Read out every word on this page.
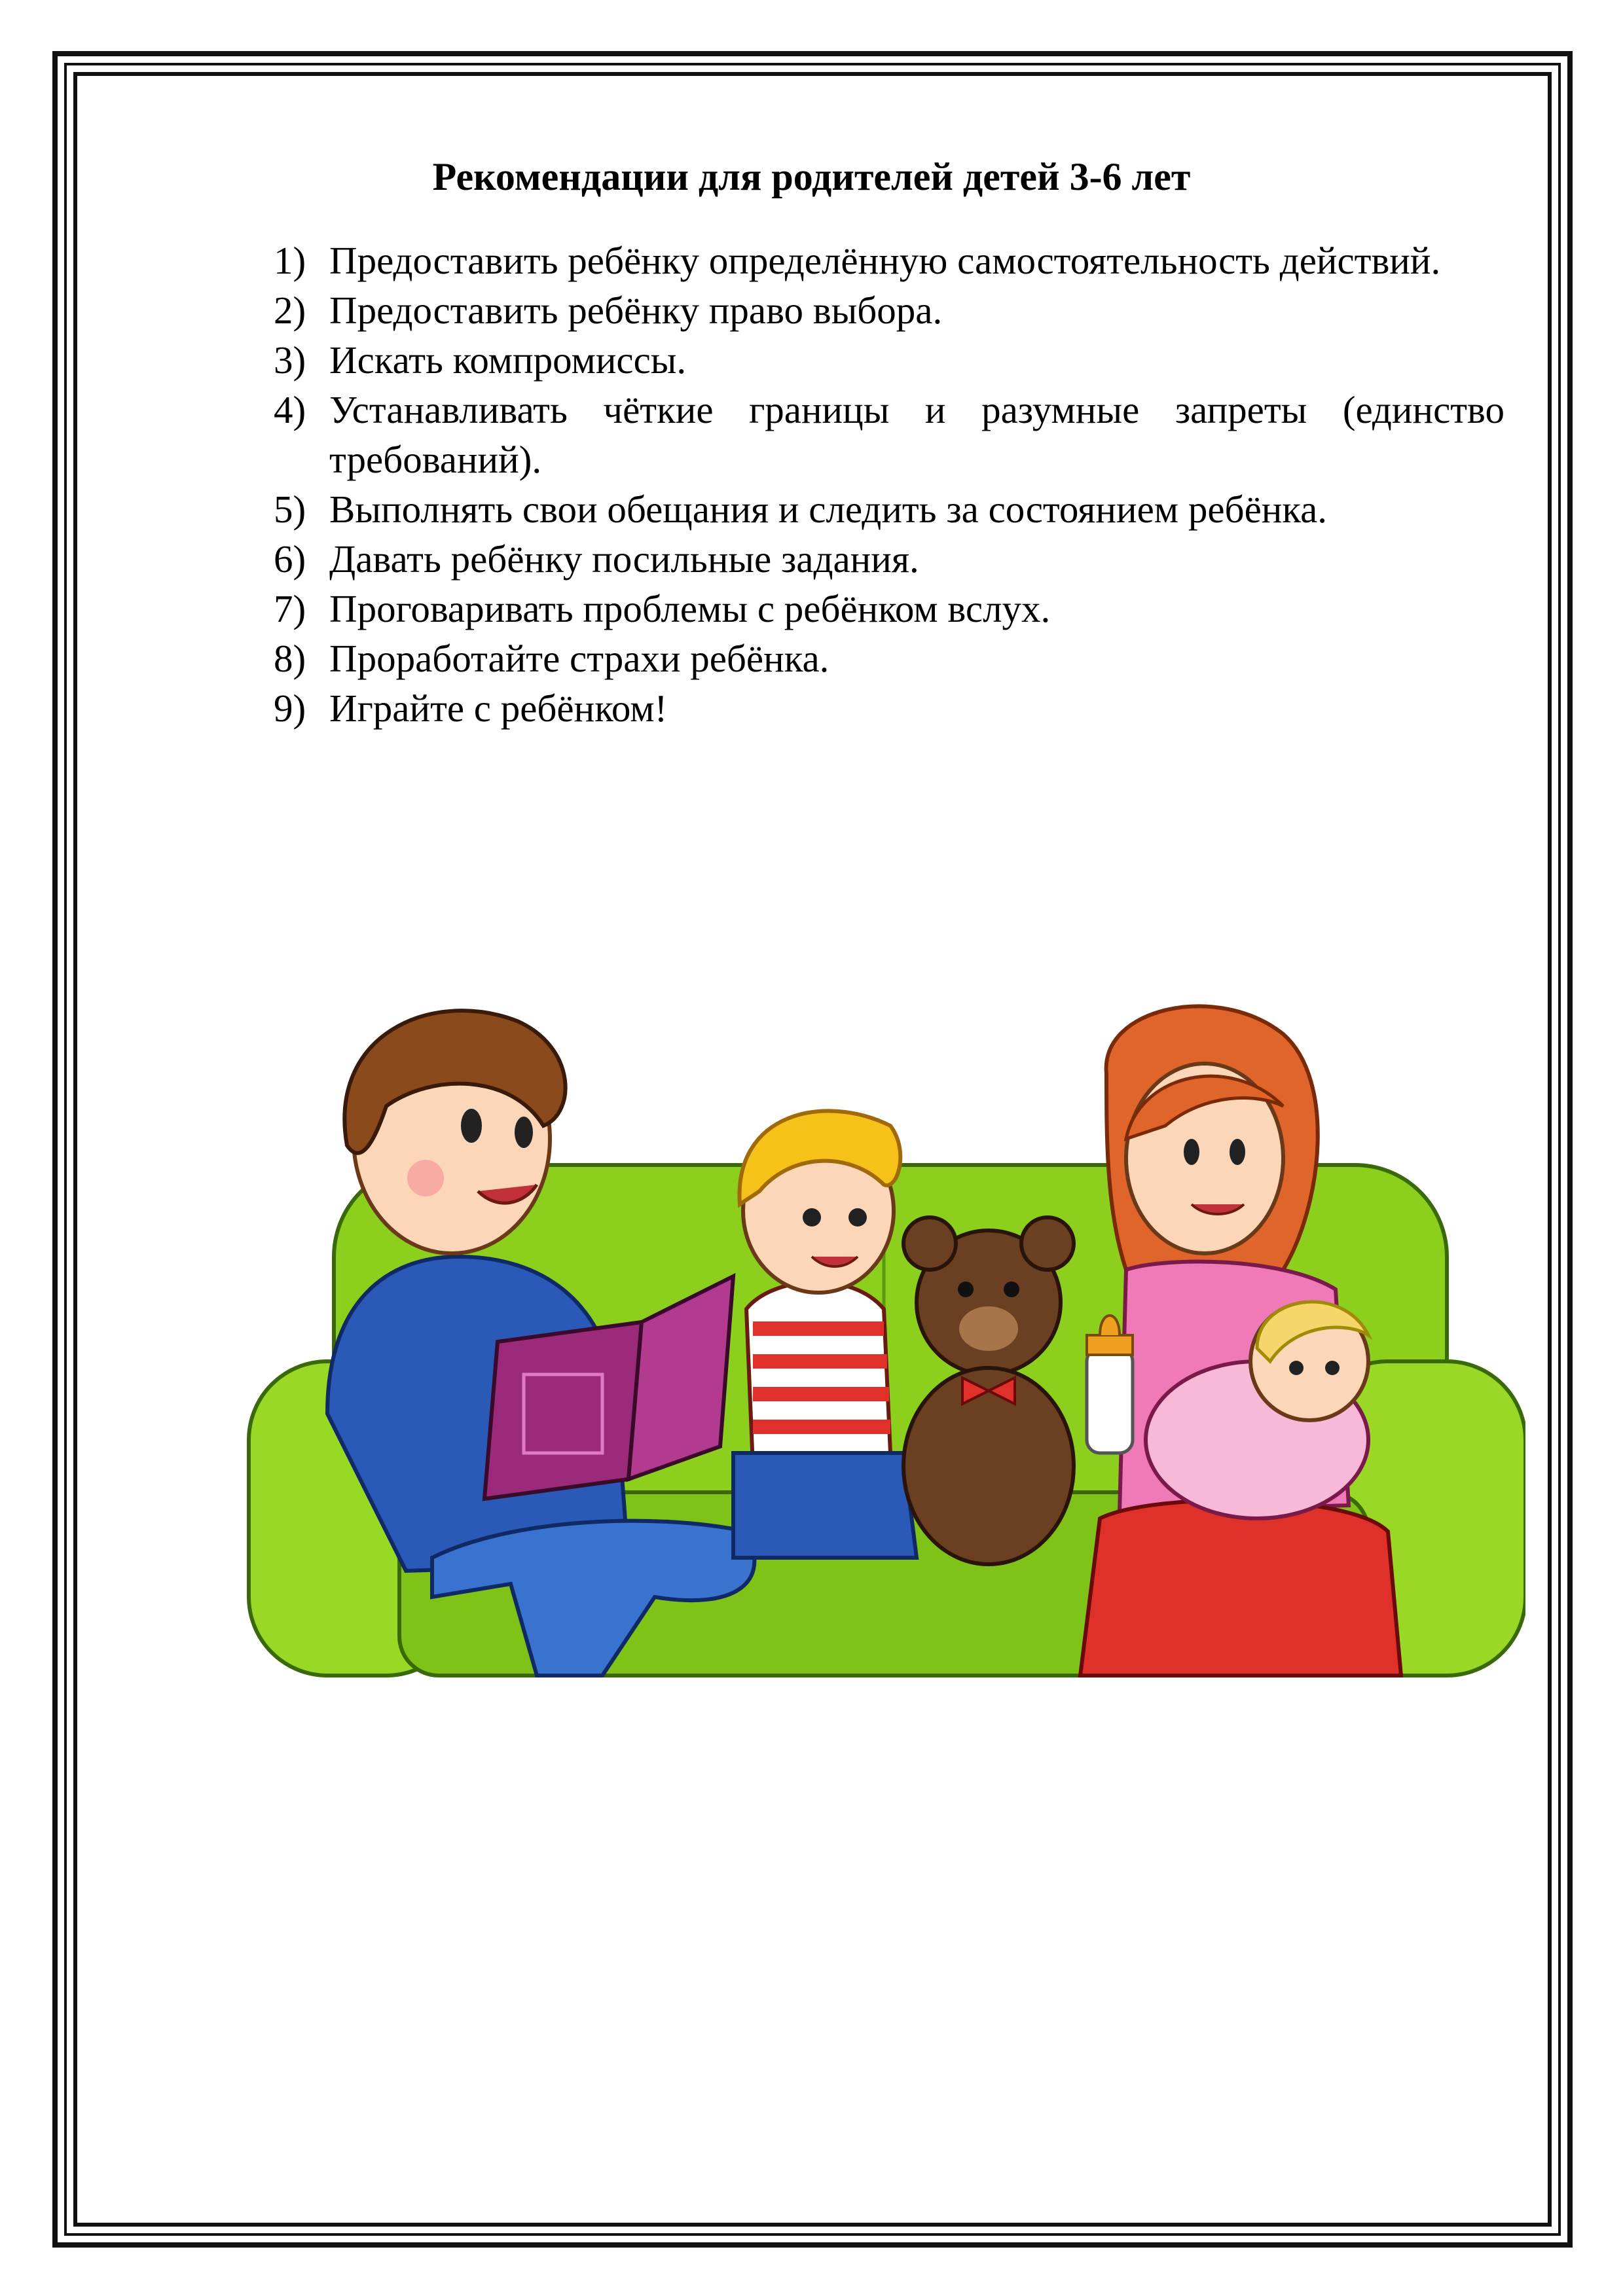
Рекомендации для родителей детей 3-6 лет
1) Предоставить ребёнку определённую самостоятельность действий.
2) Предоставить ребёнку право выбора.
3) Искать компромиссы.
4) Устанавливать чёткие границы и разумные запреты (единство требований).
5) Выполнять свои обещания и следить за состоянием ребёнка.
6) Давать ребёнку посильные задания.
7) Проговаривать проблемы с ребёнком вслух.
8) Проработайте страхи ребёнка.
9) Играйте с ребёнком!
